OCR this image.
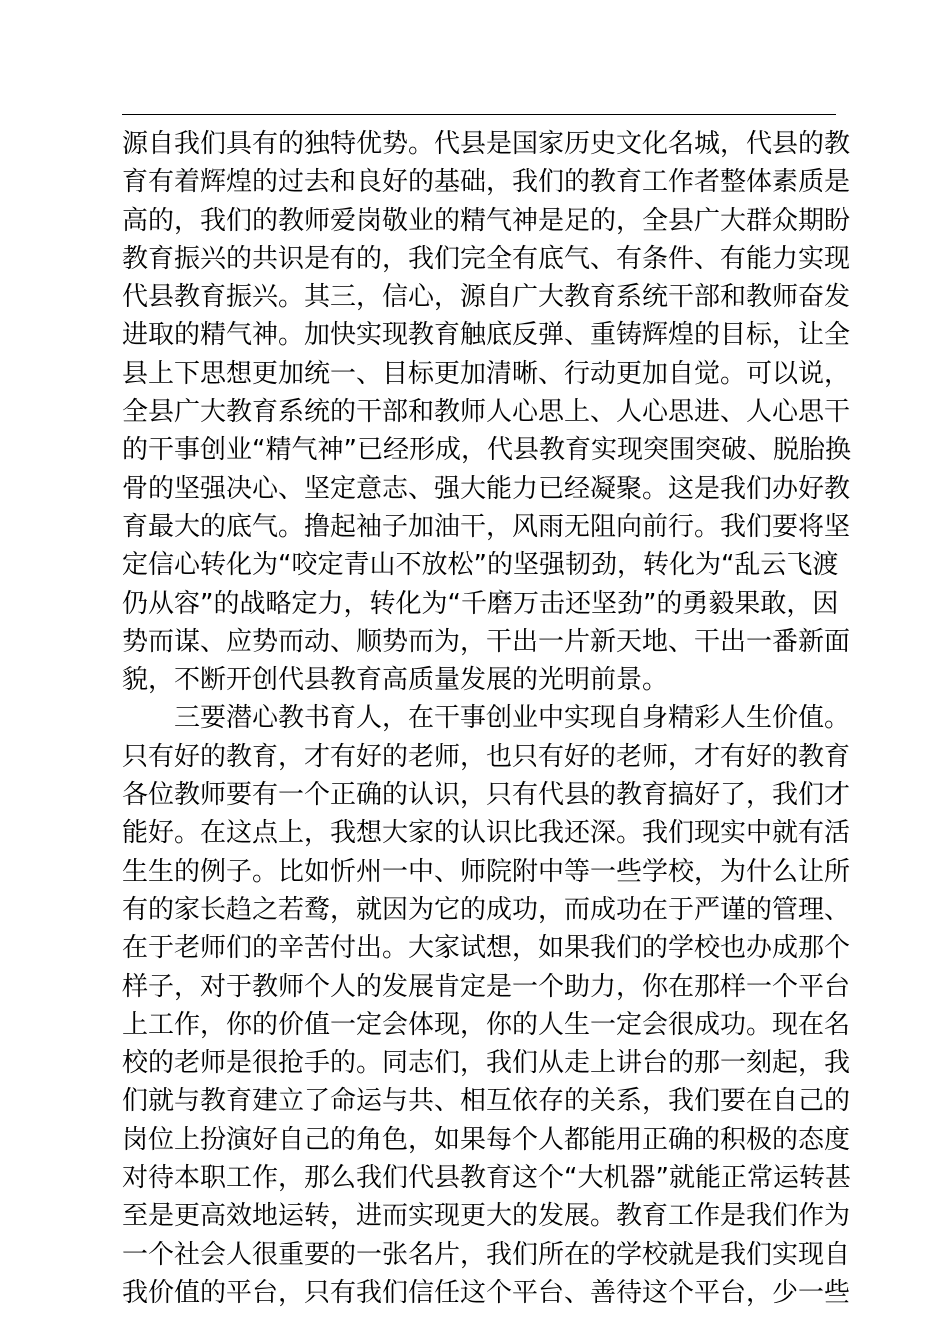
源自我们具有的独特优势。代县是国家历史文化名城，代县的教
育有着辉煌的过去和良好的基础，我们的教育工作者整体素质是
高的，我们的教师爱岗敬业的精气神是足的，全县广大群众期盼
教育振兴的共识是有的，我们完全有底气、有条件、有能力实现
代县教育振兴。其三，信心，源自广大教育系统干部和教师奋发
进取的精气神。加快实现教育触底反弹、重铸辉煌的目标，让全
县上下思想更加统一、目标更加清晰、行动更加自觉。可以说，
全县广大教育系统的干部和教师人心思上、人心思进、人心思干
的干事创业“精气神”已经形成，代县教育实现突围突破、脱胎换
骨的坚强决心、坚定意志、强大能力已经凝聚。这是我们办好教
育最大的底气。撸起袖子加油干，风雨无阻向前行。我们要将坚
定信心转化为“咬定青山不放松”的坚强韧劲，转化为“乱云飞渡
仍从容”的战略定力，转化为“千磨万击还坚劲”的勇毅果敢，因
势而谋、应势而动、顺势而为，干出一片新天地、干出一番新面
貌，不断开创代县教育高质量发展的光明前景。
三要潜心教书育人，在干事创业中实现自身精彩人生价值。
只有好的教育，才有好的老师，也只有好的老师，才有好的教育
各位教师要有一个正确的认识，只有代县的教育搞好了，我们才
能好。在这点上，我想大家的认识比我还深。我们现实中就有活
生生的例子。比如忻州一中、师院附中等一些学校，为什么让所
有的家长趋之若鹜，就因为它的成功，而成功在于严谨的管理、
在于老师们的辛苦付出。大家试想，如果我们的学校也办成那个
样子，对于教师个人的发展肯定是一个助力，你在那样一个平台
上工作，你的价值一定会体现，你的人生一定会很成功。现在名
校的老师是很抢手的。同志们，我们从走上讲台的那一刻起，我
们就与教育建立了命运与共、相互依存的关系，我们要在自己的
岗位上扮演好自己的角色，如果每个人都能用正确的积极的态度
对待本职工作，那么我们代县教育这个“大机器”就能正常运转甚
至是更高效地运转，进而实现更大的发展。教育工作是我们作为
一个社会人很重要的一张名片，我们所在的学校就是我们实现自
我价值的平台，只有我们信任这个平台、善待这个平台，少一些
